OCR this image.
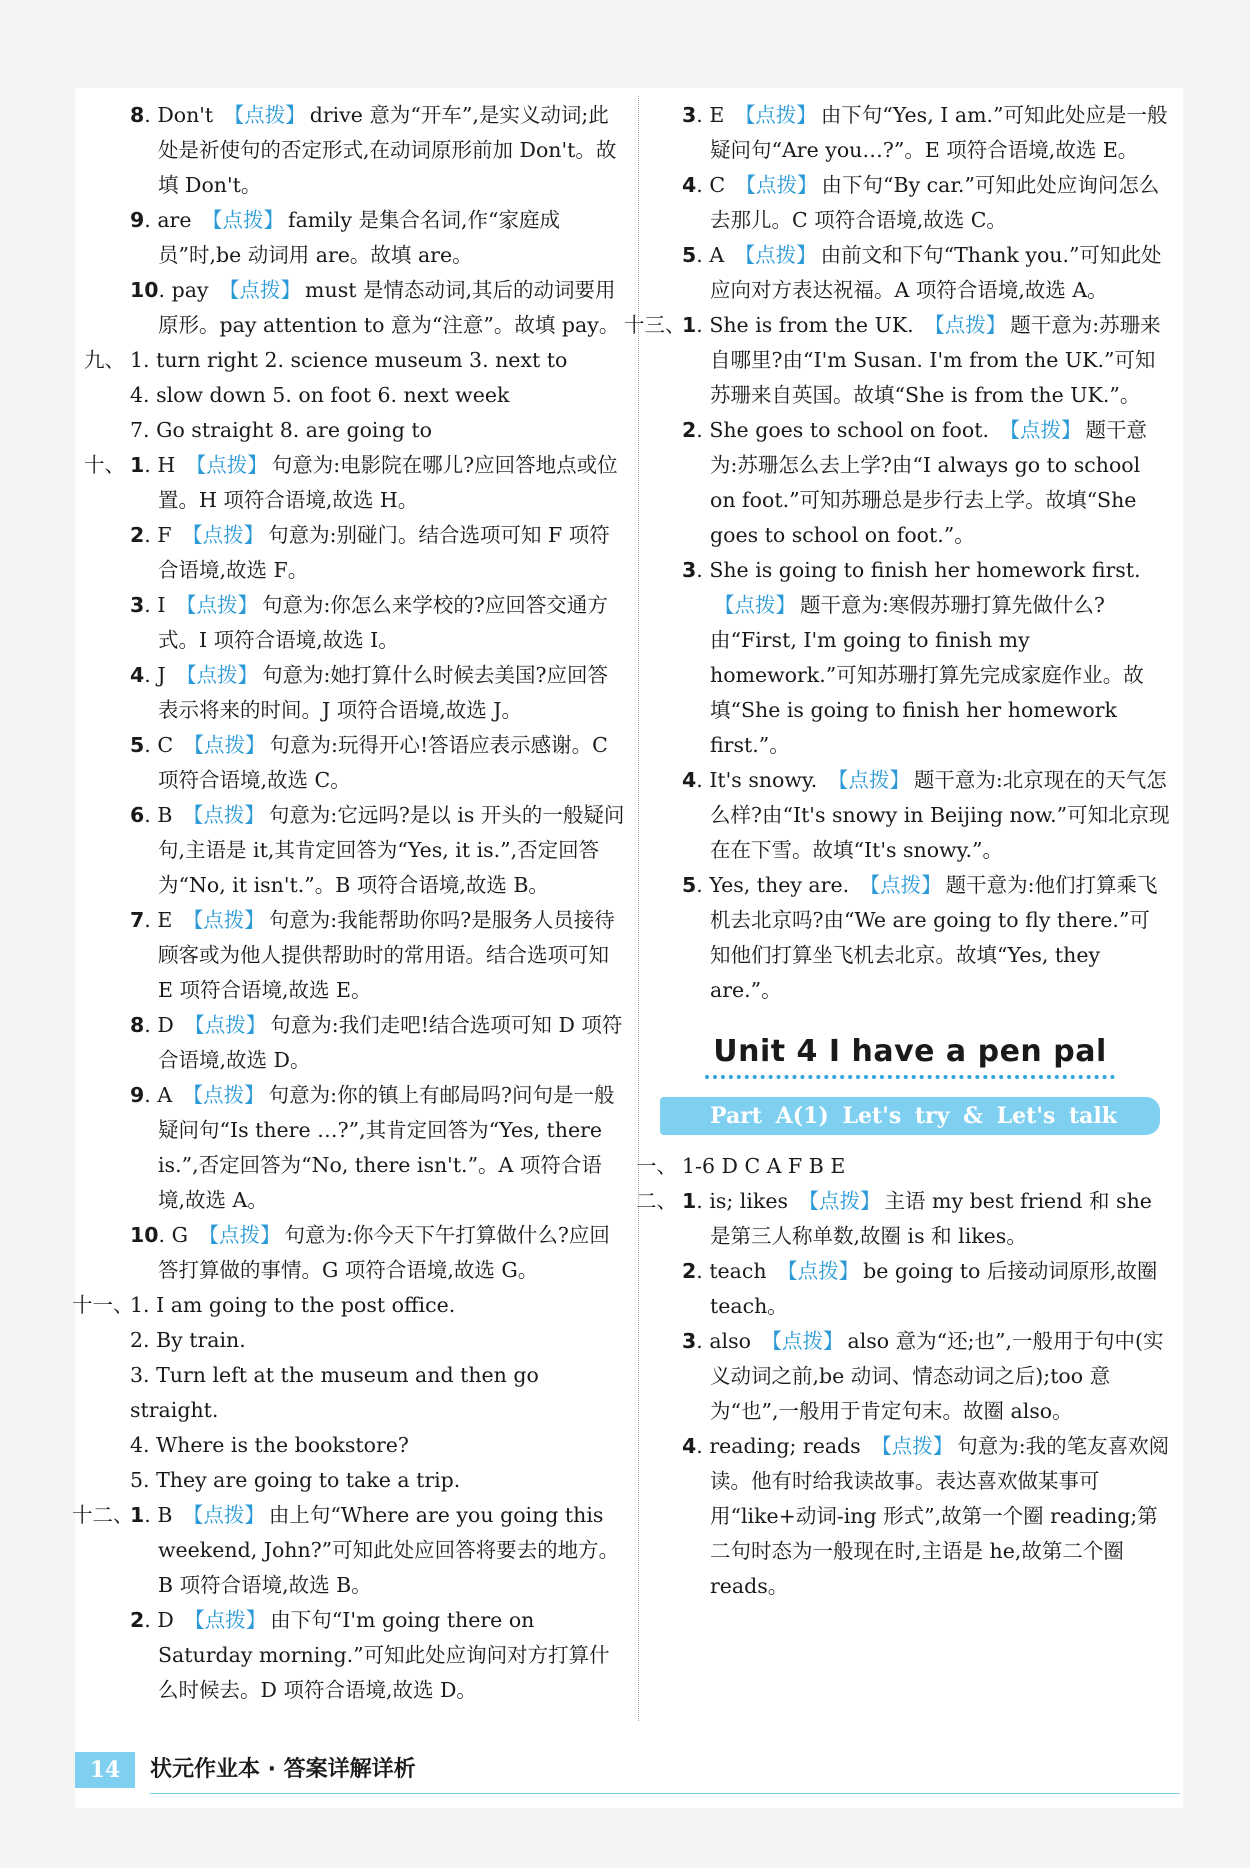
8. Don't 【点拨】 drive 意为“开车”,是实义动词;此处是祈使句的否定形式,在动词原形前加 Don't。故填 Don't。
9. are 【点拨】 family 是集合名词,作“家庭成员”时,be 动词用 are。故填 are。
10. pay 【点拨】 must 是情态动词,其后的动词要用原形。pay attention to 意为“注意”。故填 pay。
九、 1. turn right 2. science museum 3. next to
4. slow down 5. on foot 6. next week
7. Go straight 8. are going to
十、 1. H 【点拨】 句意为:电影院在哪儿?应回答地点或位置。H 项符合语境,故选 H。
2. F 【点拨】 句意为:别碰门。结合选项可知 F 项符合语境,故选 F。
3. I 【点拨】 句意为:你怎么来学校的?应回答交通方式。I 项符合语境,故选 I。
4. J 【点拨】 句意为:她打算什么时候去美国?应回答表示将来的时间。J 项符合语境,故选 J。
5. C 【点拨】 句意为:玩得开心!答语应表示感谢。C 项符合语境,故选 C。
6. B 【点拨】 句意为:它远吗?是以 is 开头的一般疑问句,主语是 it,其肯定回答为“Yes, it is.”,否定回答为“No, it isn't.”。B 项符合语境,故选 B。
7. E 【点拨】 句意为:我能帮助你吗?是服务人员接待顾客或为他人提供帮助时的常用语。结合选项可知 E 项符合语境,故选 E。
8. D 【点拨】 句意为:我们走吧!结合选项可知 D 项符合语境,故选 D。
9. A 【点拨】 句意为:你的镇上有邮局吗?问句是一般疑问句“Is there …?”,其肯定回答为“Yes, there is.”,否定回答为“No, there isn't.”。A 项符合语境,故选 A。
10. G 【点拨】 句意为:你今天下午打算做什么?应回答打算做的事情。G 项符合语境,故选 G。
十一、
1. I am going to the post office.
2. By train.
3. Turn left at the museum and then go straight.
4. Where is the bookstore?
5. They are going to take a trip.
十二、
1. B 【点拨】 由上句“Where are you going this weekend, John?”可知此处应回答将要去的地方。B 项符合语境,故选 B。
2. D 【点拨】 由下句“I'm going there on Saturday morning.”可知此处应询问对方打算什么时候去。D 项符合语境,故选 D。
3. E 【点拨】 由下句“Yes, I am.”可知此处应是一般疑问句“Are you…?”。E 项符合语境,故选 E。
4. C 【点拨】 由下句“By car.”可知此处应询问怎么去那儿。C 项符合语境,故选 C。
5. A 【点拨】 由前文和下句“Thank you.”可知此处应向对方表达祝福。A 项符合语境,故选 A。
十三、
1. She is from the UK. 【点拨】 题干意为:苏珊来自哪里?由“I'm Susan. I'm from the UK.”可知苏珊来自英国。故填“She is from the UK.”。
2. She goes to school on foot. 【点拨】 题干意为:苏珊怎么去上学?由“I always go to school on foot.”可知苏珊总是步行去上学。故填“She goes to school on foot.”。
3. She is going to finish her homework first. 【点拨】 题干意为:寒假苏珊打算先做什么?由“First, I'm going to finish my homework.”可知苏珊打算先完成家庭作业。故填“She is going to finish her homework first.”。
4. It's snowy. 【点拨】 题干意为:北京现在的天气怎么样?由“It's snowy in Beijing now.”可知北京现在在下雪。故填“It's snowy.”。
5. Yes, they are. 【点拨】 题干意为:他们打算乘飞机去北京吗?由“We are going to fly there.”可知他们打算坐飞机去北京。故填“Yes, they are.”。
Unit 4 I have a pen pal
Part A(1) Let's try & Let's talk
一、 1-6 D C A F B E
二、 1. is; likes 【点拨】 主语 my best friend 和 she 是第三人称单数,故圈 is 和 likes。
2. teach 【点拨】 be going to 后接动词原形,故圈 teach。
3. also 【点拨】 also 意为“还;也”,一般用于句中(实义动词之前,be 动词、情态动词之后);too 意为“也”,一般用于肯定句末。故圈 also。
4. reading; reads 【点拨】 句意为:我的笔友喜欢阅读。他有时给我读故事。表达喜欢做某事可用“like+动词-ing 形式”,故第一个圈 reading;第二句时态为一般现在时,主语是 he,故第二个圈 reads。
14	状元作业本 · 答案详解详析
